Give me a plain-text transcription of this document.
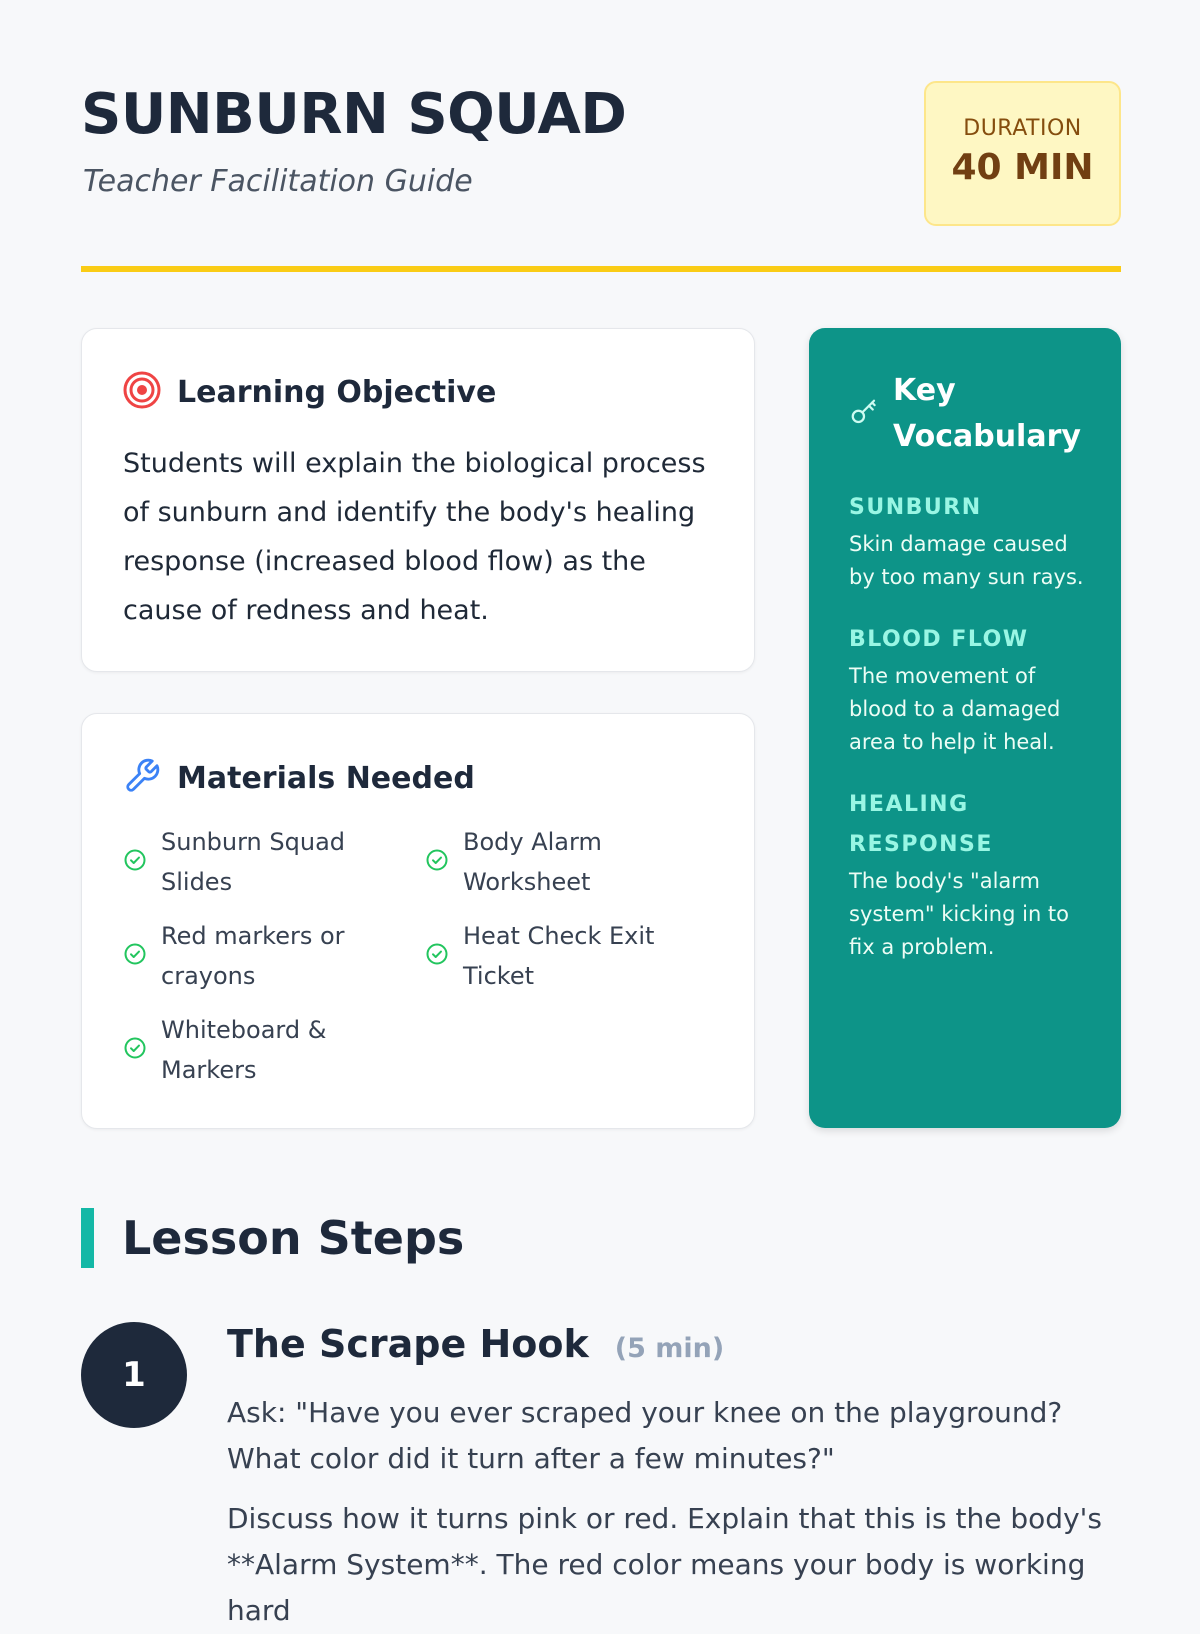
SUNBURN SQUAD
Teacher Facilitation Guide
DURATION
40 MIN
Learning Objective
Students will explain the biological process of sunburn and identify the body's healing response (increased blood flow) as the cause of redness and heat.
Materials Needed
Sunburn Squad Slides
Body Alarm Worksheet
Red markers or crayons
Heat Check Exit Ticket
Whiteboard & Markers
Key Vocabulary
SUNBURN
Skin damage caused by too many sun rays.
BLOOD FLOW
The movement of blood to a damaged area to help it heal.
HEALING RESPONSE
The body's "alarm system" kicking in to fix a problem.
Lesson Steps
1
The Scrape Hook (5 min)

Ask: "Have you ever scraped your knee on the playground? What color did it turn after a few minutes?"

Discuss how it turns pink or red. Explain that this is the body's **Alarm System**. The red color means your body is working hard
